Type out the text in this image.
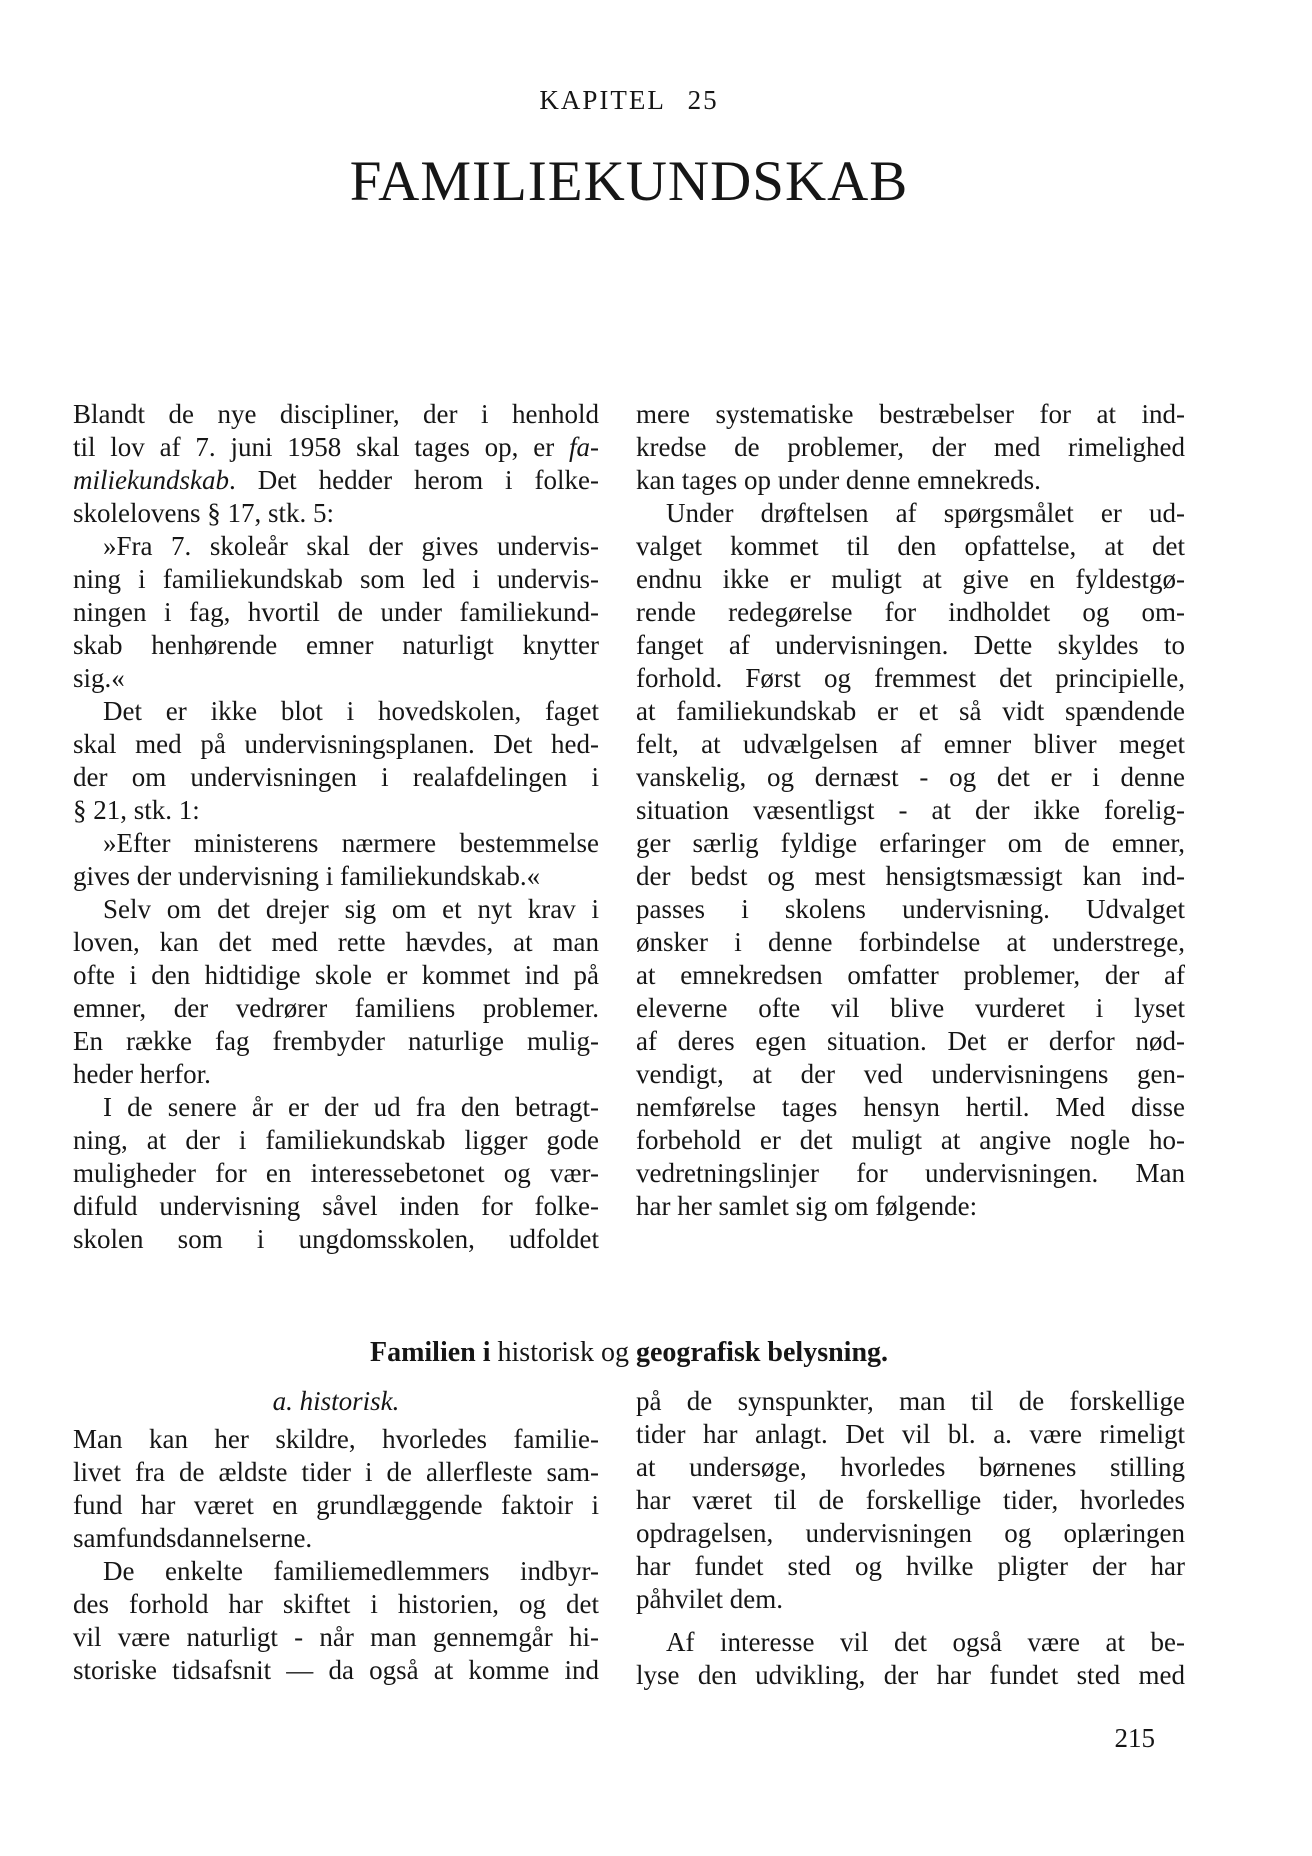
KAPITEL 25
FAMILIEKUNDSKAB
Blandt de nye discipliner, der i henhold
til lov af 7. juni 1958 skal tages op, er fa-
miliekundskab. Det hedder herom i folke-
skolelovens § 17, stk. 5:
»Fra 7. skoleår skal der gives undervis-
ning i familiekundskab som led i undervis-
ningen i fag, hvortil de under familiekund-
skab henhørende emner naturligt knytter
sig.«
Det er ikke blot i hovedskolen, faget
skal med på undervisningsplanen. Det hed-
der om undervisningen i realafdelingen i
§ 21, stk. 1:
»Efter ministerens nærmere bestemmelse
gives der undervisning i familiekundskab.«
Selv om det drejer sig om et nyt krav i
loven, kan det med rette hævdes, at man
ofte i den hidtidige skole er kommet ind på
emner, der vedrører familiens problemer.
En række fag frembyder naturlige mulig-
heder herfor.
I de senere år er der ud fra den betragt-
ning, at der i familiekundskab ligger gode
muligheder for en interessebetonet og vær-
difuld undervisning såvel inden for folke-
skolen som i ungdomsskolen, udfoldet
mere systematiske bestræbelser for at ind-
kredse de problemer, der med rimelighed
kan tages op under denne emnekreds.
Under drøftelsen af spørgsmålet er ud-
valget kommet til den opfattelse, at det
endnu ikke er muligt at give en fyldestgø-
rende redegørelse for indholdet og om-
fanget af undervisningen. Dette skyldes to
forhold. Først og fremmest det principielle,
at familiekundskab er et så vidt spændende
felt, at udvælgelsen af emner bliver meget
vanskelig, og dernæst - og det er i denne
situation væsentligst - at der ikke forelig-
ger særlig fyldige erfaringer om de emner,
der bedst og mest hensigtsmæssigt kan ind-
passes i skolens undervisning. Udvalget
ønsker i denne forbindelse at understrege,
at emnekredsen omfatter problemer, der af
eleverne ofte vil blive vurderet i lyset
af deres egen situation. Det er derfor nød-
vendigt, at der ved undervisningens gen-
nemførelse tages hensyn hertil. Med disse
forbehold er det muligt at angive nogle ho-
vedretningslinjer for undervisningen. Man
har her samlet sig om følgende:
Familien i historisk og geografisk belysning.
a. historisk.
Man kan her skildre, hvorledes familie-
livet fra de ældste tider i de allerfleste sam-
fund har været en grundlæggende faktoir i
samfundsdannelserne.
De enkelte familiemedlemmers indbyr-
des forhold har skiftet i historien, og det
vil være naturligt - når man gennemgår hi-
storiske tidsafsnit — da også at komme ind
på de synspunkter, man til de forskellige
tider har anlagt. Det vil bl. a. være rimeligt
at undersøge, hvorledes børnenes stilling
har været til de forskellige tider, hvorledes
opdragelsen, undervisningen og oplæringen
har fundet sted og hvilke pligter der har
påhvilet dem.
Af interesse vil det også være at be-
lyse den udvikling, der har fundet sted med
215
